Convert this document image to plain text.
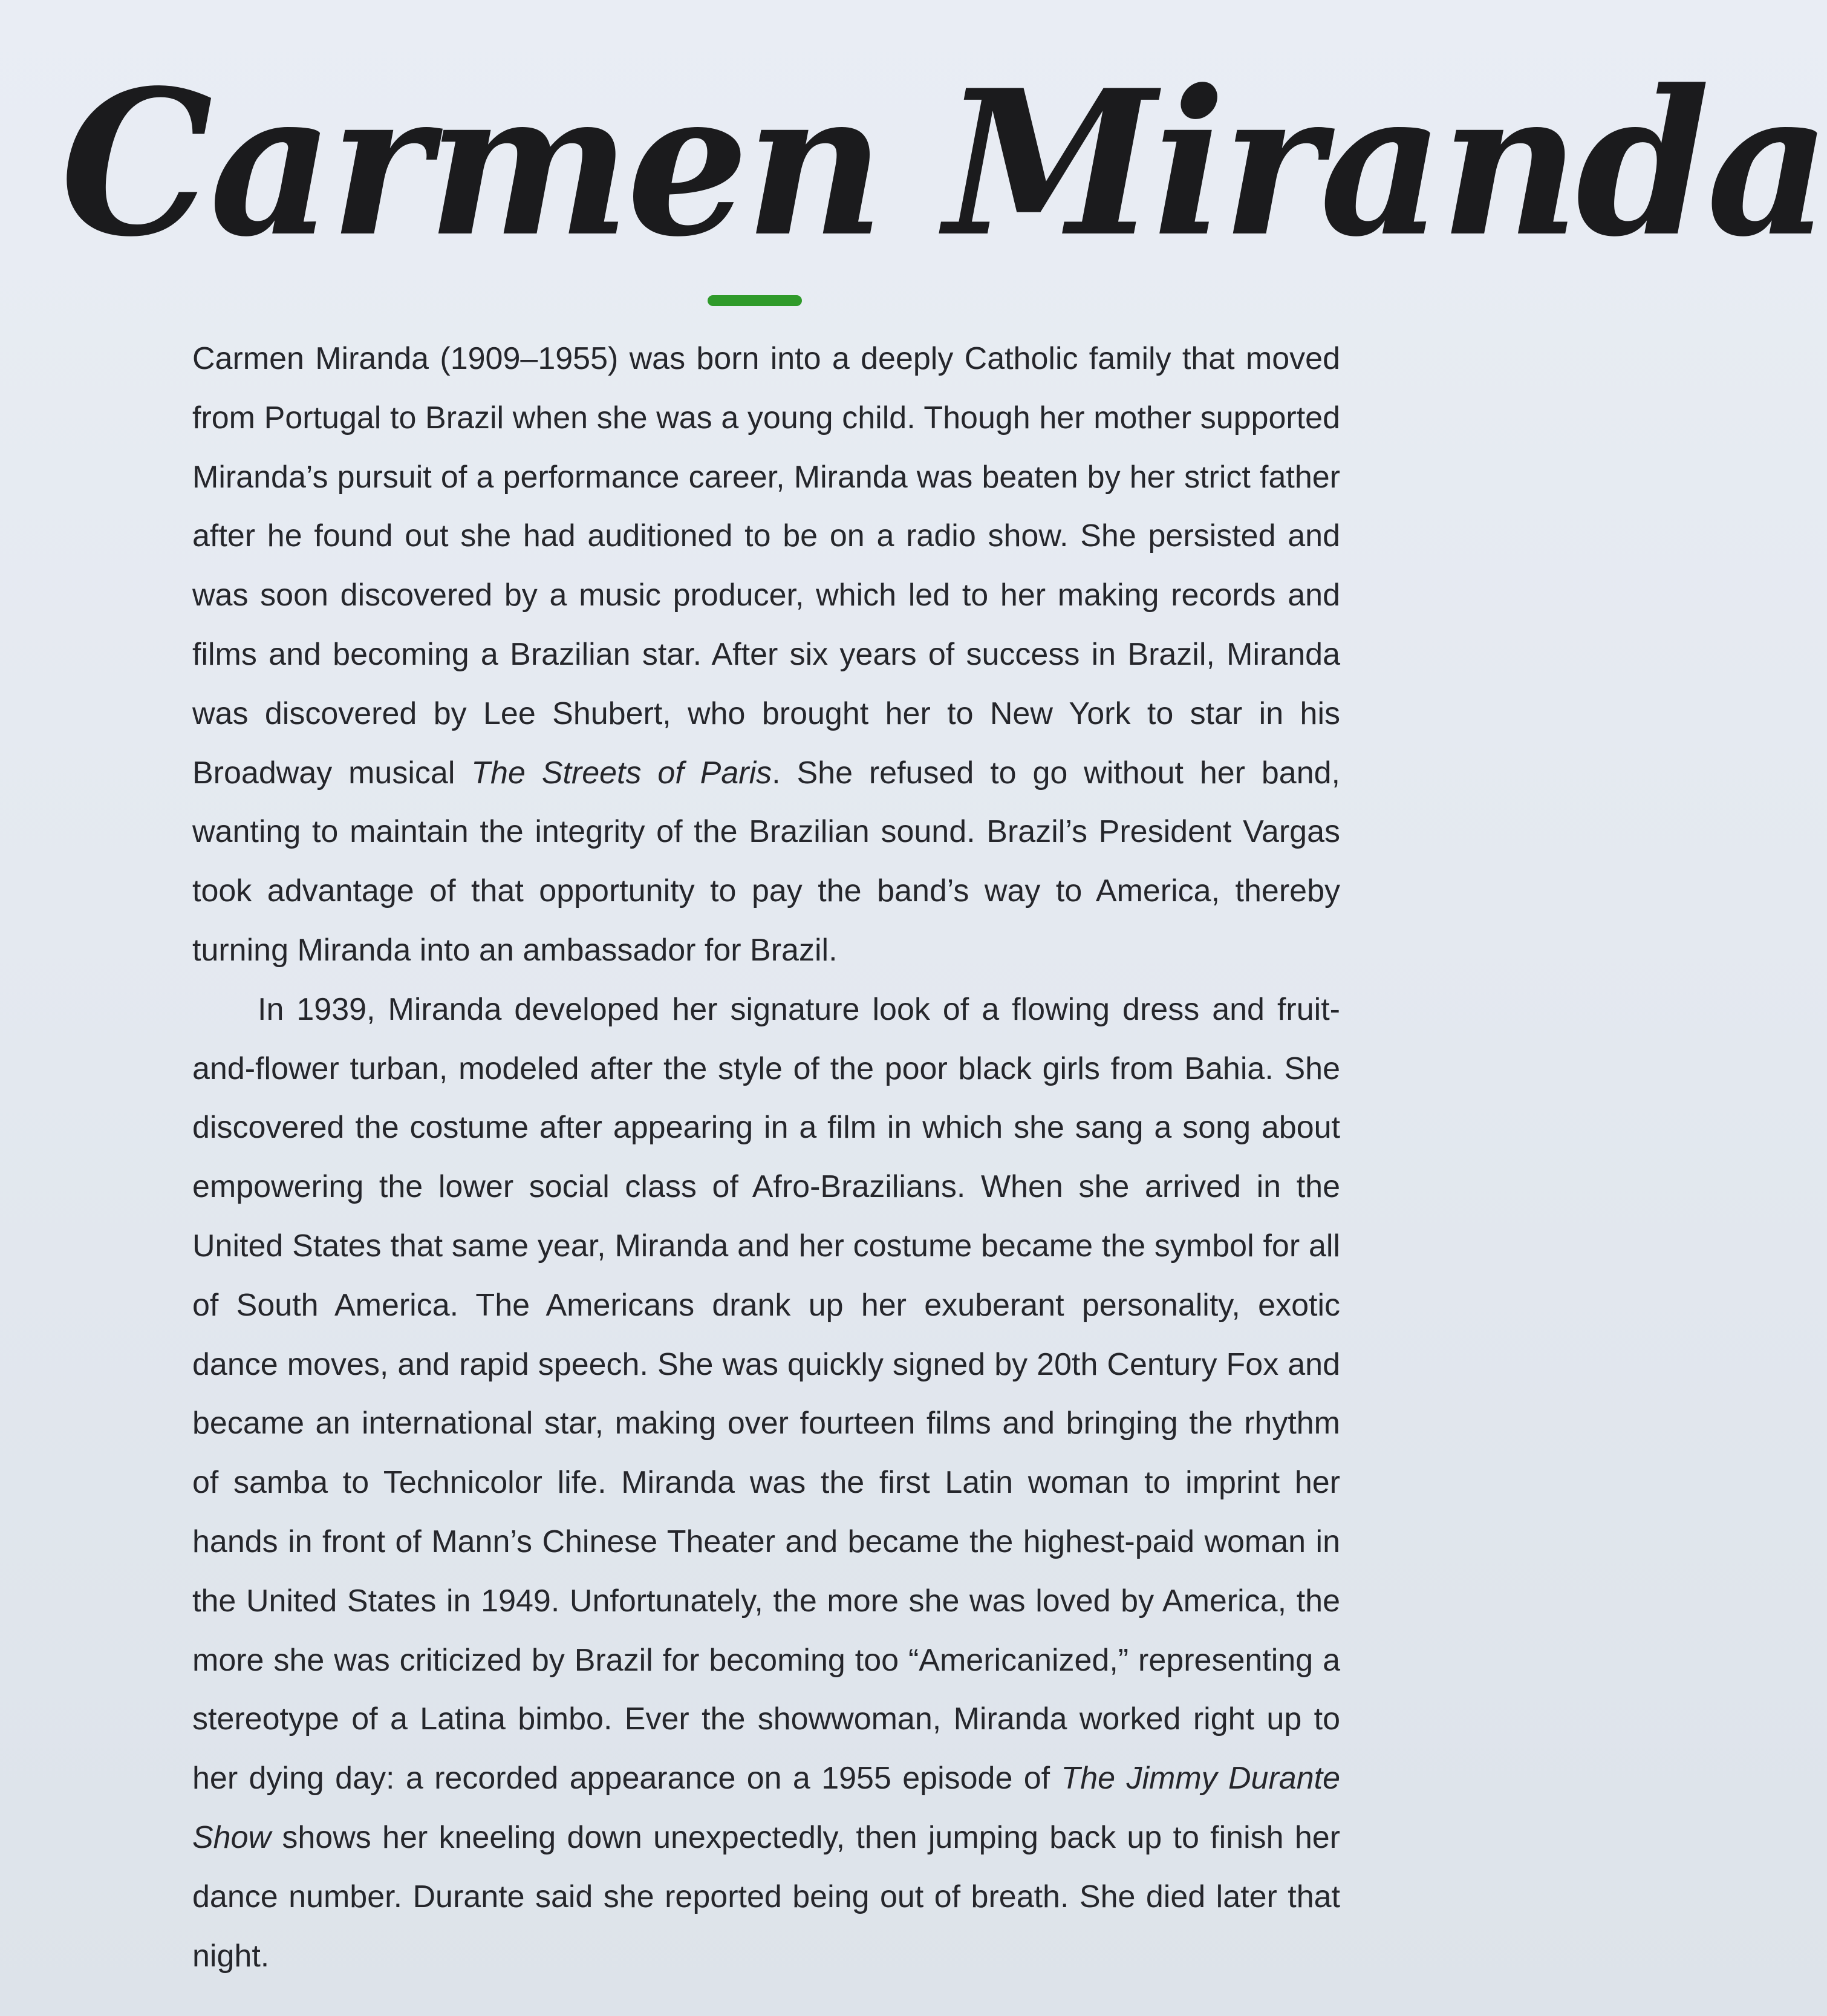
Carmen Miranda

Carmen Miranda (1909–1955) was born into a deeply Catholic family that moved from Portugal to Brazil when she was a young child. Though her mother supported Miranda’s pursuit of a performance career, Miranda was beaten by her strict father after he found out she had auditioned to be on a radio show. She persisted and was soon discovered by a music producer, which led to her making records and films and becoming a Brazilian star. After six years of success in Brazil, Miranda was discovered by Lee Shubert, who brought her to New York to star in his Broadway musical The Streets of Paris. She refused to go without her band, wanting to maintain the integrity of the Brazilian sound. Brazil’s President Vargas took advantage of that opportunity to pay the band’s way to America, thereby turning Miranda into an ambassador for Brazil.

In 1939, Miranda developed her signature look of a flowing dress and fruit-and-flower turban, modeled after the style of the poor black girls from Bahia. She discovered the costume after appearing in a film in which she sang a song about empowering the lower social class of Afro-Brazilians. When she arrived in the United States that same year, Miranda and her costume became the symbol for all of South America. The Americans drank up her exuberant personality, exotic dance moves, and rapid speech. She was quickly signed by 20th Century Fox and became an international star, making over fourteen films and bringing the rhythm of samba to Technicolor life. Miranda was the first Latin woman to imprint her hands in front of Mann’s Chinese Theater and became the highest-paid woman in the United States in 1949. Unfortunately, the more she was loved by America, the more she was criticized by Brazil for becoming too “Americanized,” representing a stereotype of a Latina bimbo. Ever the showwoman, Miranda worked right up to her dying day: a recorded appearance on a 1955 episode of The Jimmy Durante Show shows her kneeling down unexpectedly, then jumping back up to finish her dance number. Durante said she reported being out of breath. She died later that night.
